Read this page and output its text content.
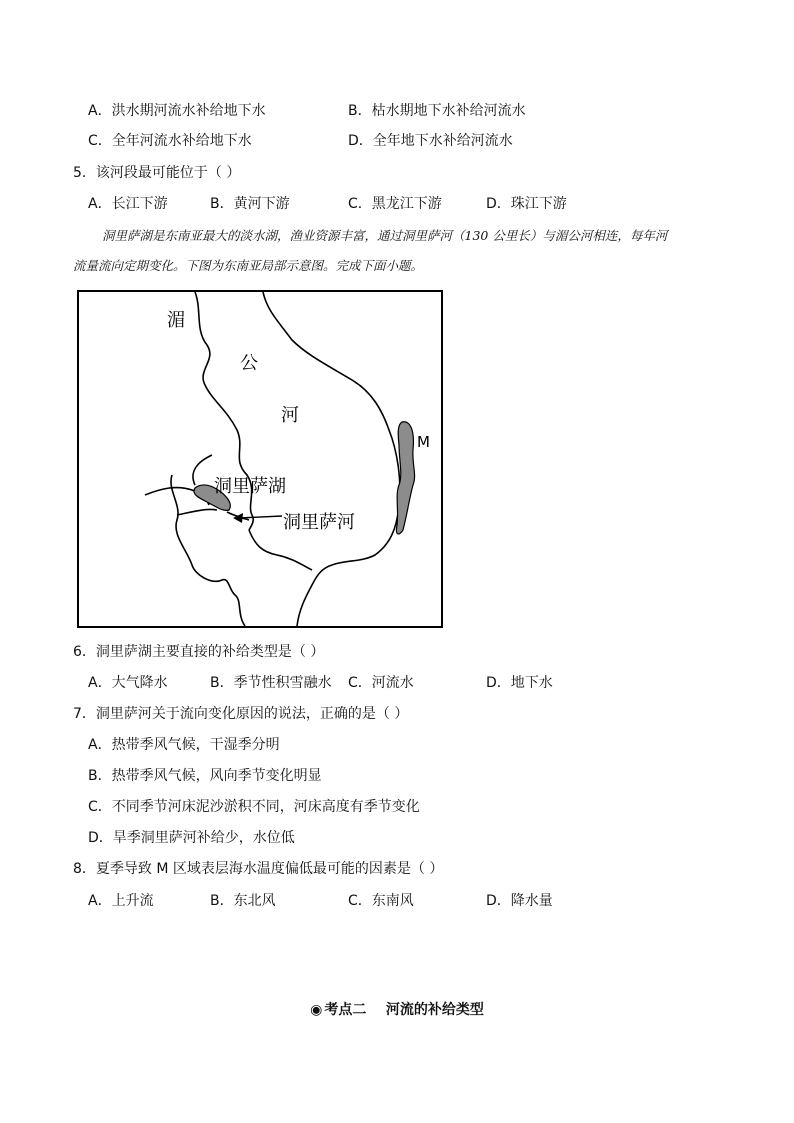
A．洪水期河流水补给地下水	B．枯水期地下水补给河流水
C．全年河流水补给地下水	D．全年地下水补给河流水
5．该河段最可能位于（ ）
A．长江下游	B．黄河下游	C．黑龙江下游	D．珠江下游
洞里萨湖是东南亚最大的淡水湖，渔业资源丰富，通过洞里萨河（130 公里长）与湄公河相连，每年河
流量流向定期变化。下图为东南亚局部示意图。完成下面小题。
湄
公
河
洞里萨湖
洞里萨河
M
6．洞里萨湖主要直接的补给类型是（ ）
A．大气降水	B．季节性积雪融水 C．河流水	D．地下水
7．洞里萨河关于流向变化原因的说法，正确的是（ ）
A．热带季风气候，干湿季分明
B．热带季风气候，风向季节变化明显
C．不同季节河床泥沙淤积不同，河床高度有季节变化
D．旱季洞里萨河补给少，水位低
8．夏季导致 M 区域表层海水温度偏低最可能的因素是（ ）
A．上升流	B．东北风	C．东南风	D．降水量
◉ 考点二    河流的补给类型
